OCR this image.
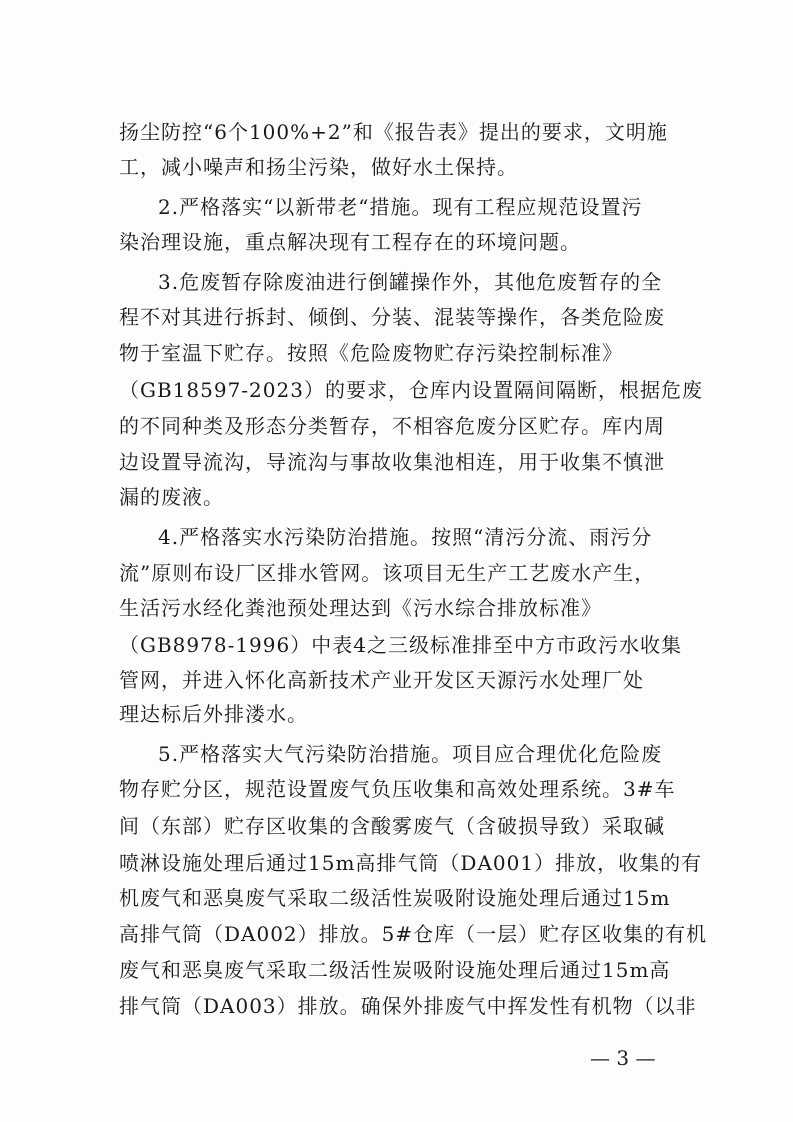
扬尘防控“6个100%+2”和《报告表》提出的要求，文明施
工，减小噪声和扬尘污染，做好水土保持。
2.严格落实“以新带老“措施。现有工程应规范设置污
染治理设施，重点解决现有工程存在的环境问题。
3.危废暂存除废油进行倒罐操作外，其他危废暂存的全
程不对其进行拆封、倾倒、分装、混装等操作，各类危险废
物于室温下贮存。按照《危险废物贮存污染控制标准》
（GB18597-2023）的要求，仓库内设置隔间隔断，根据危废
的不同种类及形态分类暂存，不相容危废分区贮存。库内周
边设置导流沟，导流沟与事故收集池相连，用于收集不慎泄
漏的废液。
4.严格落实水污染防治措施。按照“清污分流、雨污分
流”原则布设厂区排水管网。该项目无生产工艺废水产生，
生活污水经化粪池预处理达到《污水综合排放标准》
（GB8978-1996）中表4之三级标准排至中方市政污水收集
管网，并进入怀化高新技术产业开发区天源污水处理厂处
理达标后外排溇水。
5.严格落实大气污染防治措施。项目应合理优化危险废
物存贮分区，规范设置废气负压收集和高效处理系统。3#车
间（东部）贮存区收集的含酸雾废气（含破损导致）采取碱
喷淋设施处理后通过15m高排气筒（DA001）排放，收集的有
机废气和恶臭废气采取二级活性炭吸附设施处理后通过15m
高排气筒（DA002）排放。5#仓库（一层）贮存区收集的有机
废气和恶臭废气采取二级活性炭吸附设施处理后通过15m高
排气筒（DA003）排放。确保外排废气中挥发性有机物（以非
— 3 —
